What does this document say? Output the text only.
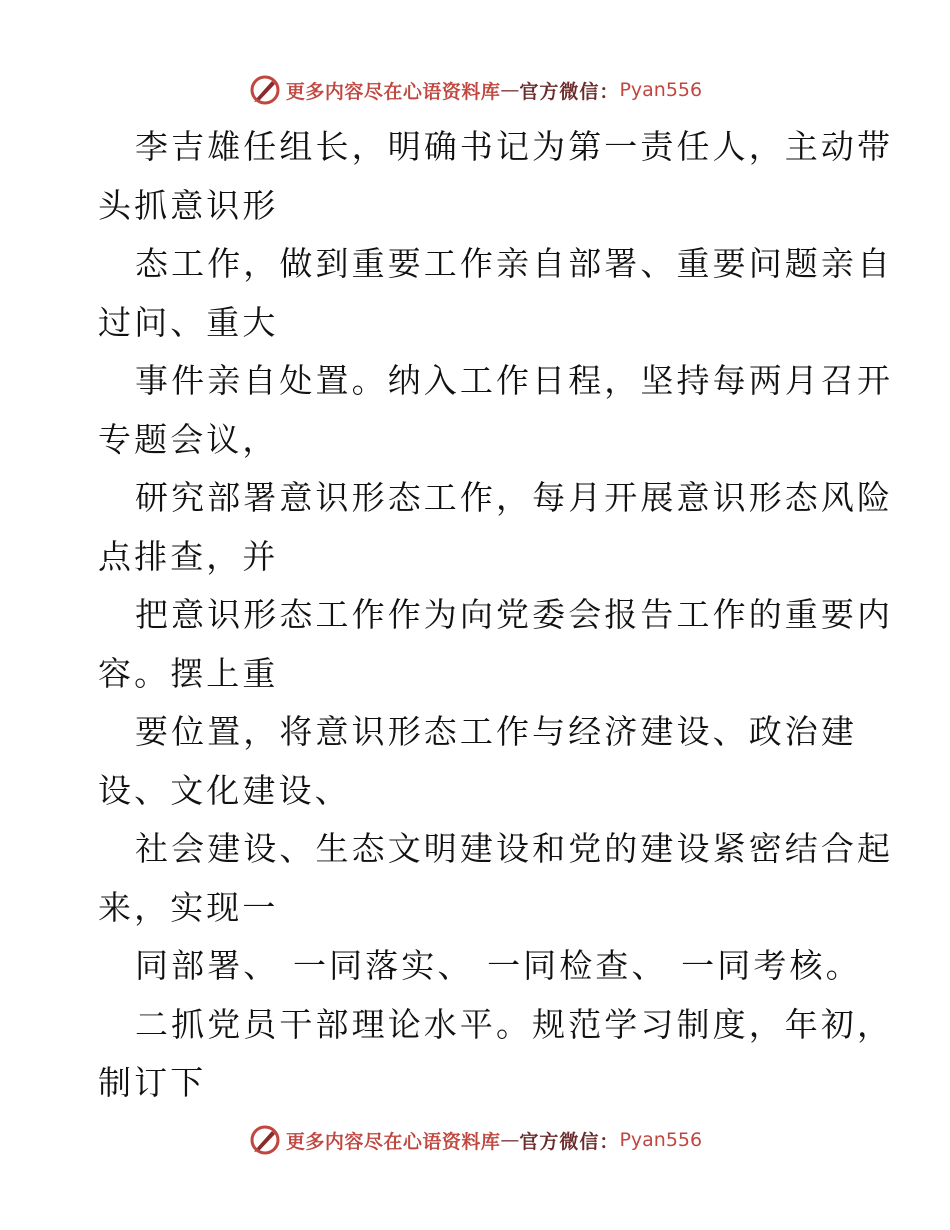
更多内容尽在心语资料库 — 官方微信： Pyan556
李吉雄任组长，明确书记为第一责任人，主动带
头抓意识形
态工作，做到重要工作亲自部署、重要问题亲自
过问、重大
事件亲自处置。纳入工作日程，坚持每两月召开
专题会议，
研究部署意识形态工作，每月开展意识形态风险
点排查，并
把意识形态工作作为向党委会报告工作的重要内
容。摆上重
要位置，将意识形态工作与经济建设、政治建
设、文化建设、
社会建设、生态文明建设和党的建设紧密结合起
来，实现一
同部署、 一同落实、 一同检查、 一同考核。
二抓党员干部理论水平。规范学习制度，年初，
制订下
更多内容尽在心语资料库 — 官方微信： Pyan556
